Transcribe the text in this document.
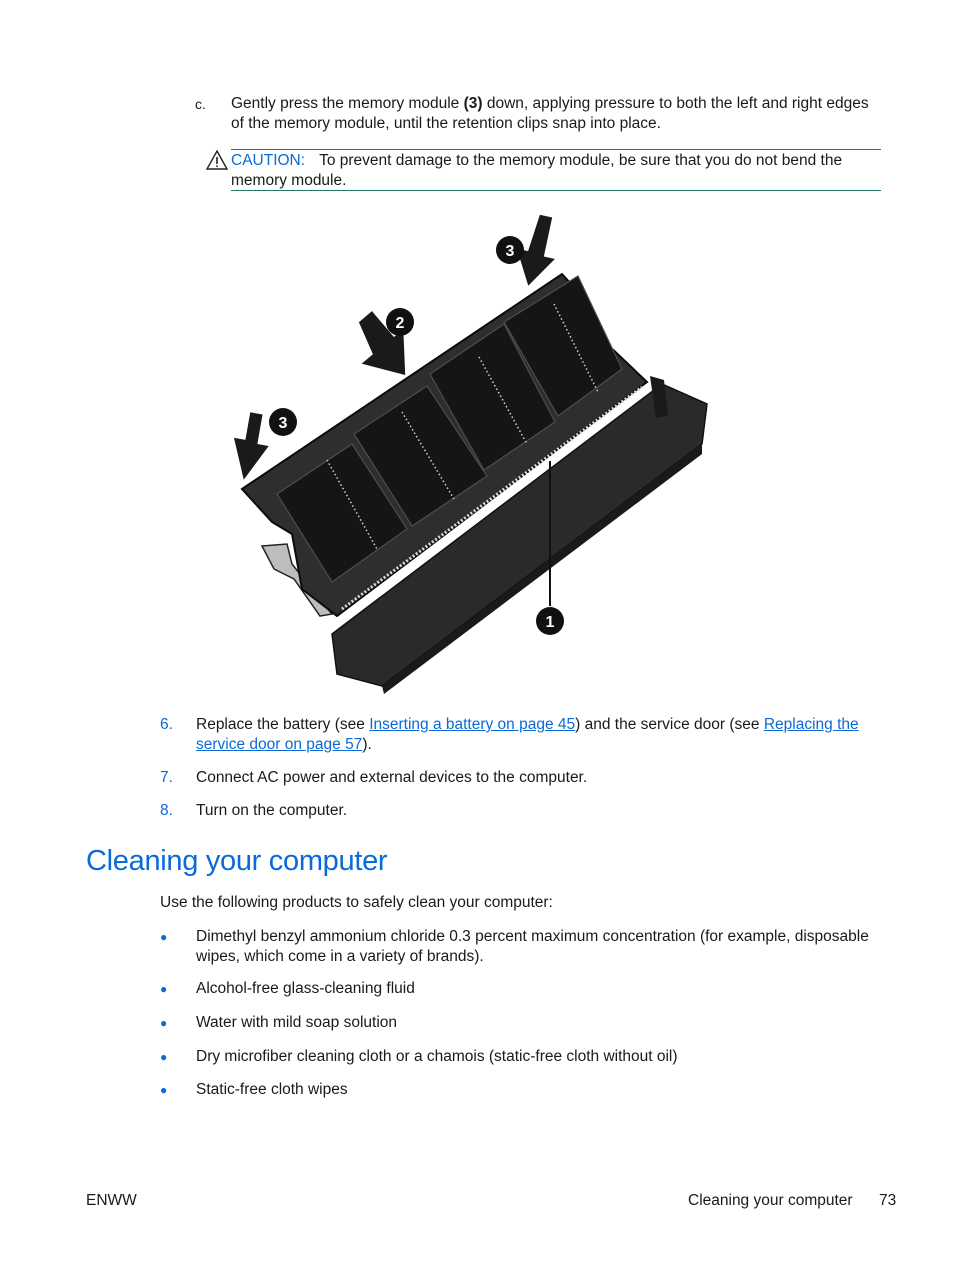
c. Gently press the memory module (3) down, applying pressure to both the left and right edges of the memory module, until the retention clips snap into place.
CAUTION: To prevent damage to the memory module, be sure that you do not bend the memory module.
3
2
3
1
6. Replace the battery (see Inserting a battery on page 45) and the service door (see Replacing the service door on page 57).
7. Connect AC power and external devices to the computer.
8. Turn on the computer.
Cleaning your computer
Use the following products to safely clean your computer:
● Dimethyl benzyl ammonium chloride 0.3 percent maximum concentration (for example, disposable wipes, which come in a variety of brands).
● Alcohol-free glass-cleaning fluid
● Water with mild soap solution
● Dry microfiber cleaning cloth or a chamois (static-free cloth without oil)
● Static-free cloth wipes
ENWW	Cleaning your computer 73
